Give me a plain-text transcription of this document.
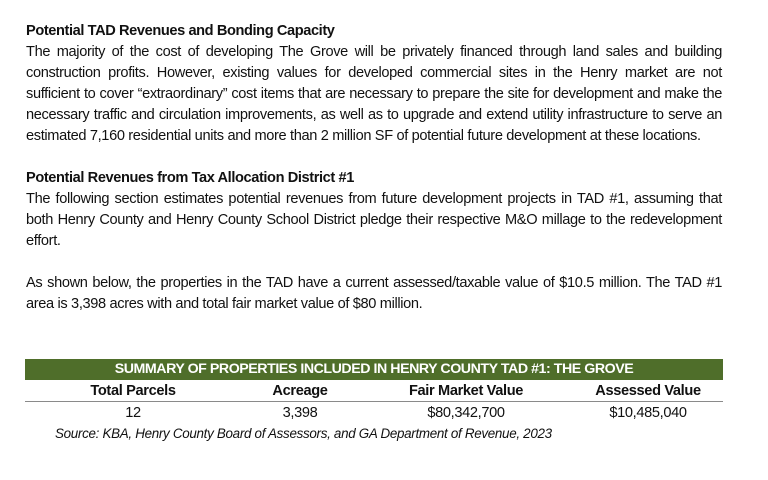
Potential TAD Revenues and Bonding Capacity

The majority of the cost of developing The Grove will be privately financed through land sales and building construction profits. However, existing values for developed commercial sites in the Henry market are not sufficient to cover “extraordinary” cost items that are necessary to prepare the site for development and make the necessary traffic and circulation improvements, as well as to upgrade and extend utility infrastructure to serve an estimated 7,160 residential units and more than 2 million SF of potential future development at these locations.

Potential Revenues from Tax Allocation District #1

The following section estimates potential revenues from future development projects in TAD #1, assuming that both Henry County and Henry County School District pledge their respective M&O millage to the redevelopment effort.

As shown below, the properties in the TAD have a current assessed/taxable value of $10.5 million. The TAD #1 area is 3,398 acres with and total fair market value of $80 million.

SUMMARY OF PROPERTIES INCLUDED IN HENRY COUNTY TAD #1: THE GROVE
Total Parcels	Acreage	Fair Market Value	Assessed Value
12	3,398	$80,342,700	$10,485,040
Source: KBA, Henry County Board of Assessors, and GA Department of Revenue, 2023
